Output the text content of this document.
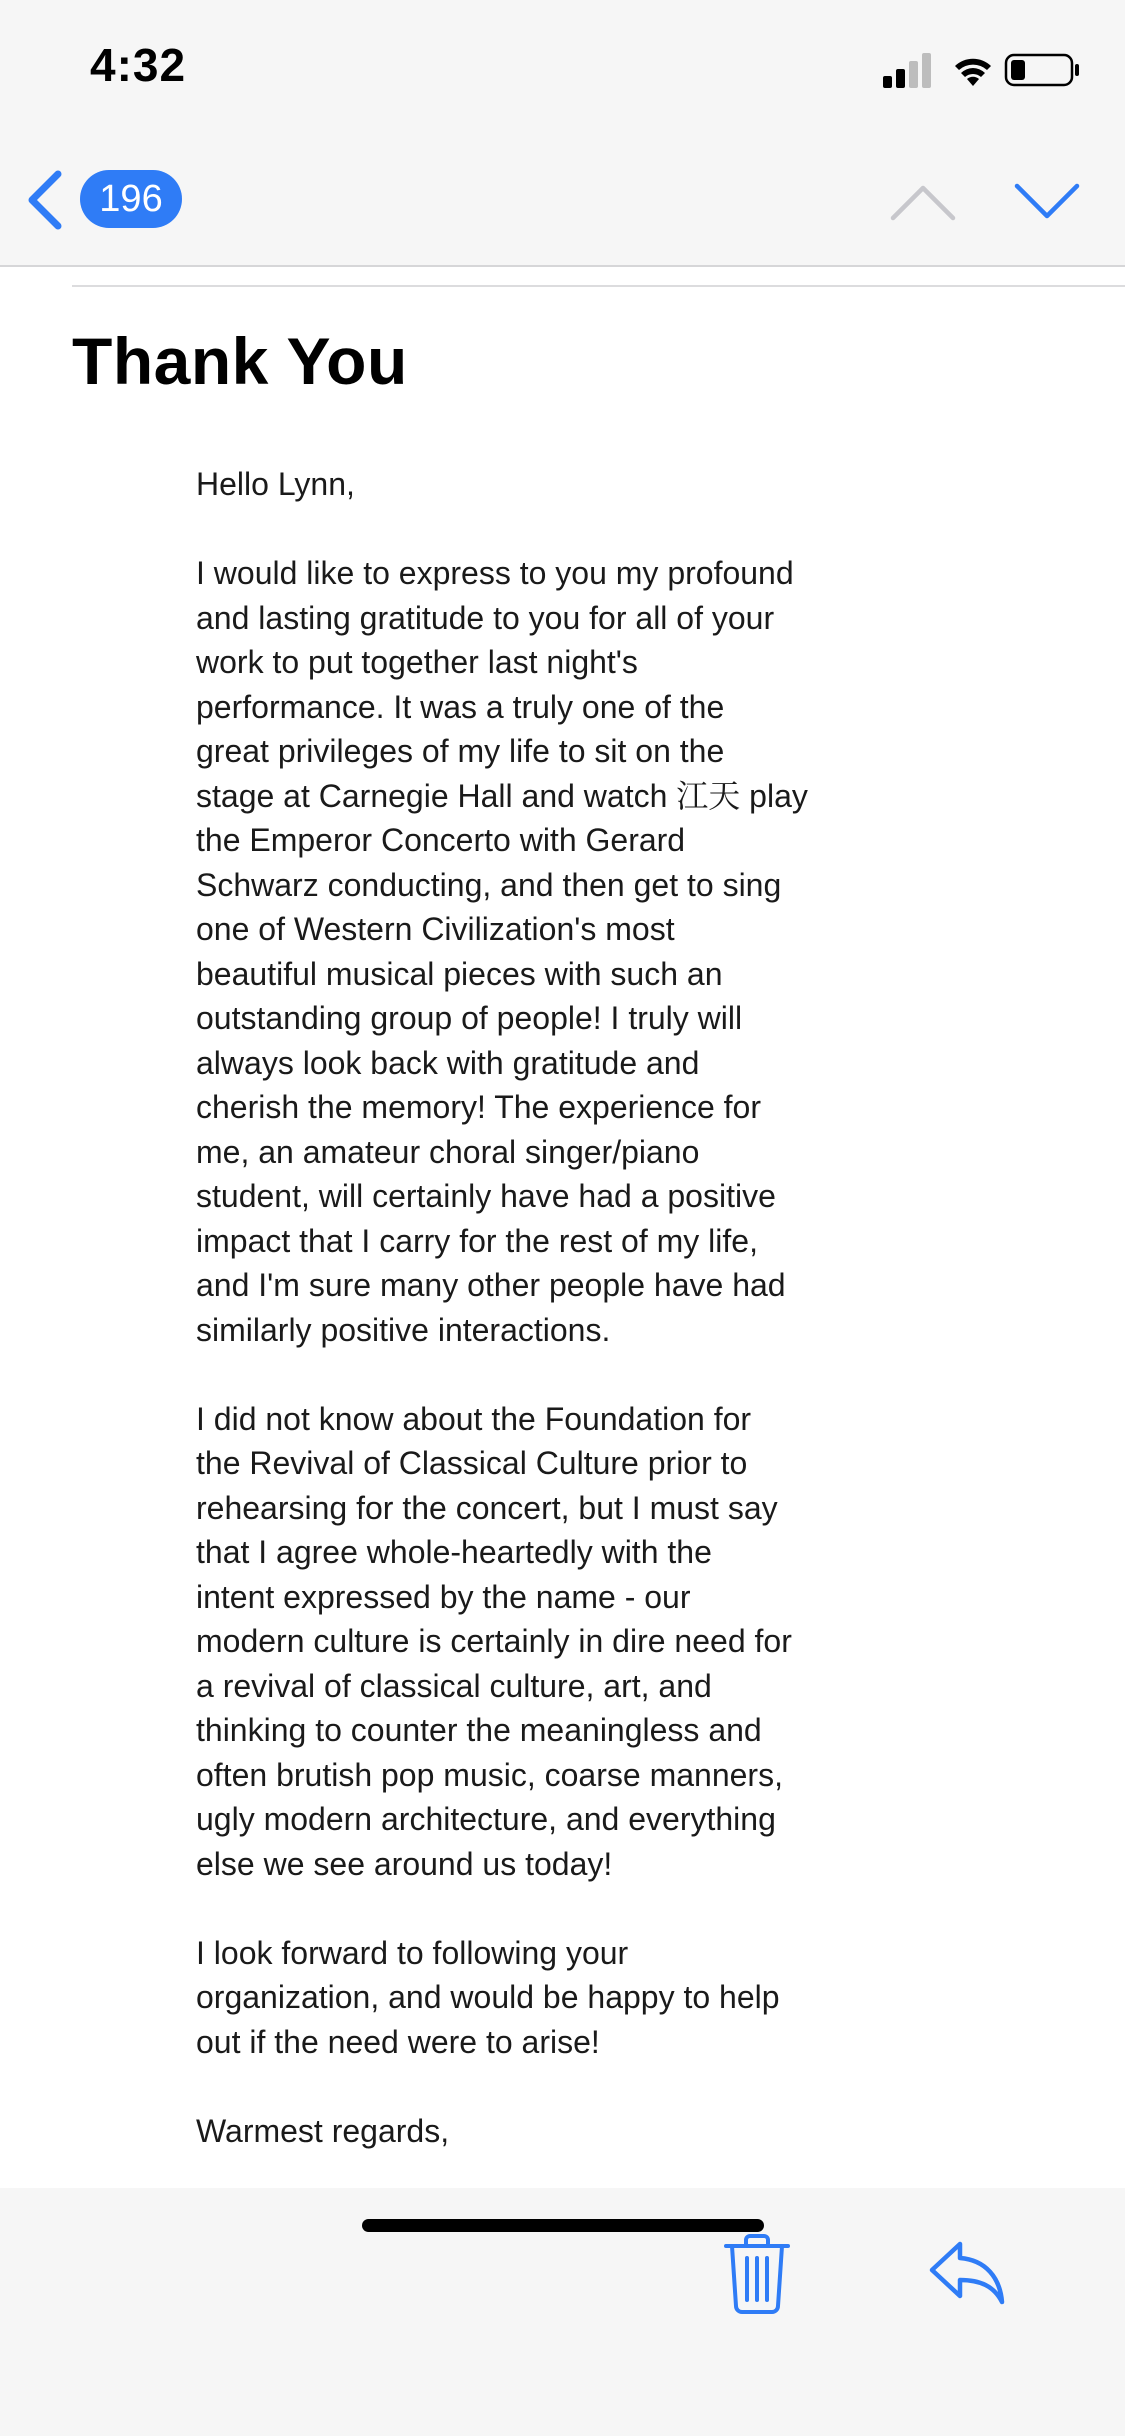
4:32
196
Thank You

Hello Lynn,

I would like to express to you my profound
and lasting gratitude to you for all of your
work to put together last night's
performance. It was a truly one of the
great privileges of my life to sit on the
stage at Carnegie Hall and watch 江天 play
the Emperor Concerto with Gerard
Schwarz conducting, and then get to sing
one of Western Civilization's most
beautiful musical pieces with such an
outstanding group of people! I truly will
always look back with gratitude and
cherish the memory! The experience for
me, an amateur choral singer/piano
student, will certainly have had a positive
impact that I carry for the rest of my life,
and I'm sure many other people have had
similarly positive interactions.

I did not know about the Foundation for
the Revival of Classical Culture prior to
rehearsing for the concert, but I must say
that I agree whole-heartedly with the
intent expressed by the name - our
modern culture is certainly in dire need for
a revival of classical culture, art, and
thinking to counter the meaningless and
often brutish pop music, coarse manners,
ugly modern architecture, and everything
else we see around us today!

I look forward to following your
organization, and would be happy to help
out if the need were to arise!

Warmest regards,
